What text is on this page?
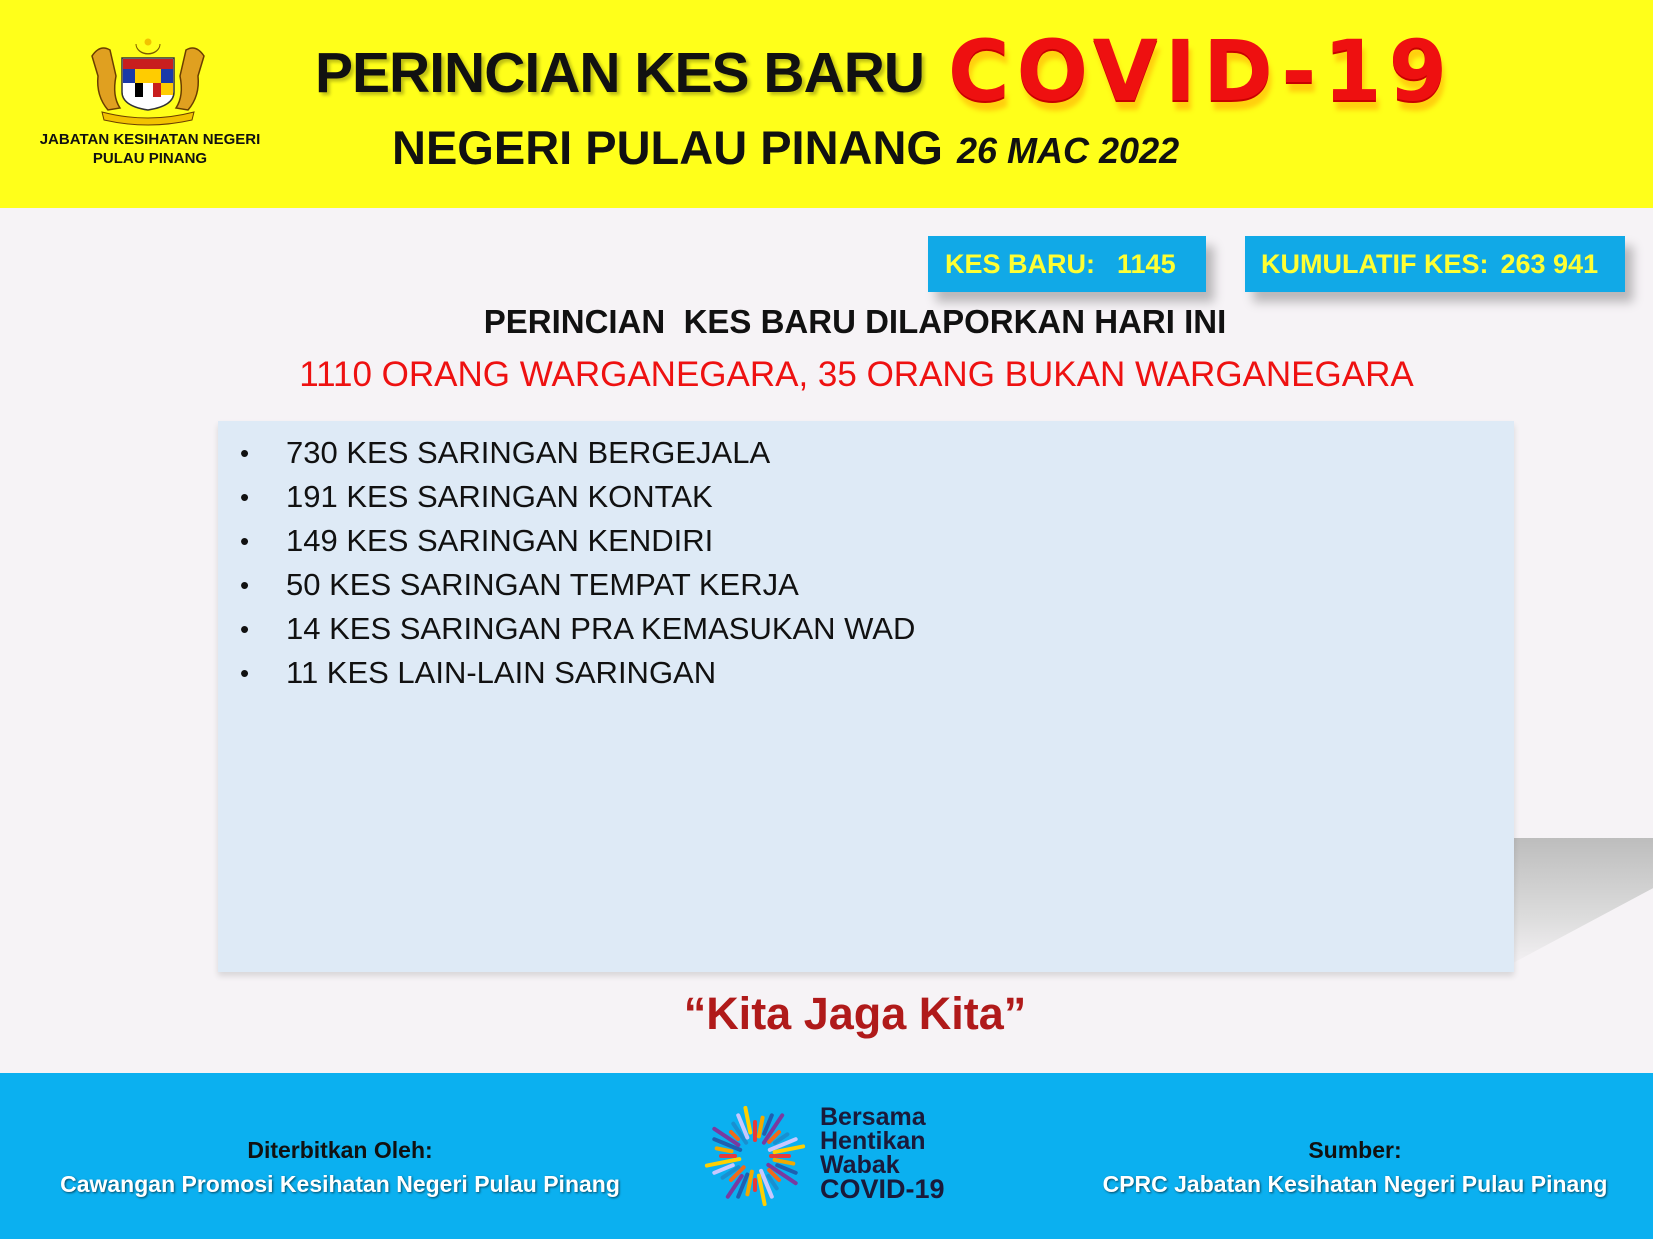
JABATAN KESIHATAN NEGERI
PULAU PINANG
PERINCIAN KES BARU COVID-19
NEGERI PULAU PINANG 26 MAC 2022
KES BARU: 1145	KUMULATIF KES: 263 941
PERINCIAN  KES BARU DILAPORKAN HARI INI
1110 ORANG WARGANEGARA, 35 ORANG BUKAN WARGANEGARA
•	730 KES SARINGAN BERGEJALA
•	191 KES SARINGAN KONTAK
•	149 KES SARINGAN KENDIRI
•	50 KES SARINGAN TEMPAT KERJA
•	14 KES SARINGAN PRA KEMASUKAN WAD
•	11 KES LAIN-LAIN SARINGAN
“Kita Jaga Kita”
Diterbitkan Oleh:
Cawangan Promosi Kesihatan Negeri Pulau Pinang
Bersama
Hentikan
Wabak
COVID-19
Sumber:
CPRC Jabatan Kesihatan Negeri Pulau Pinang
